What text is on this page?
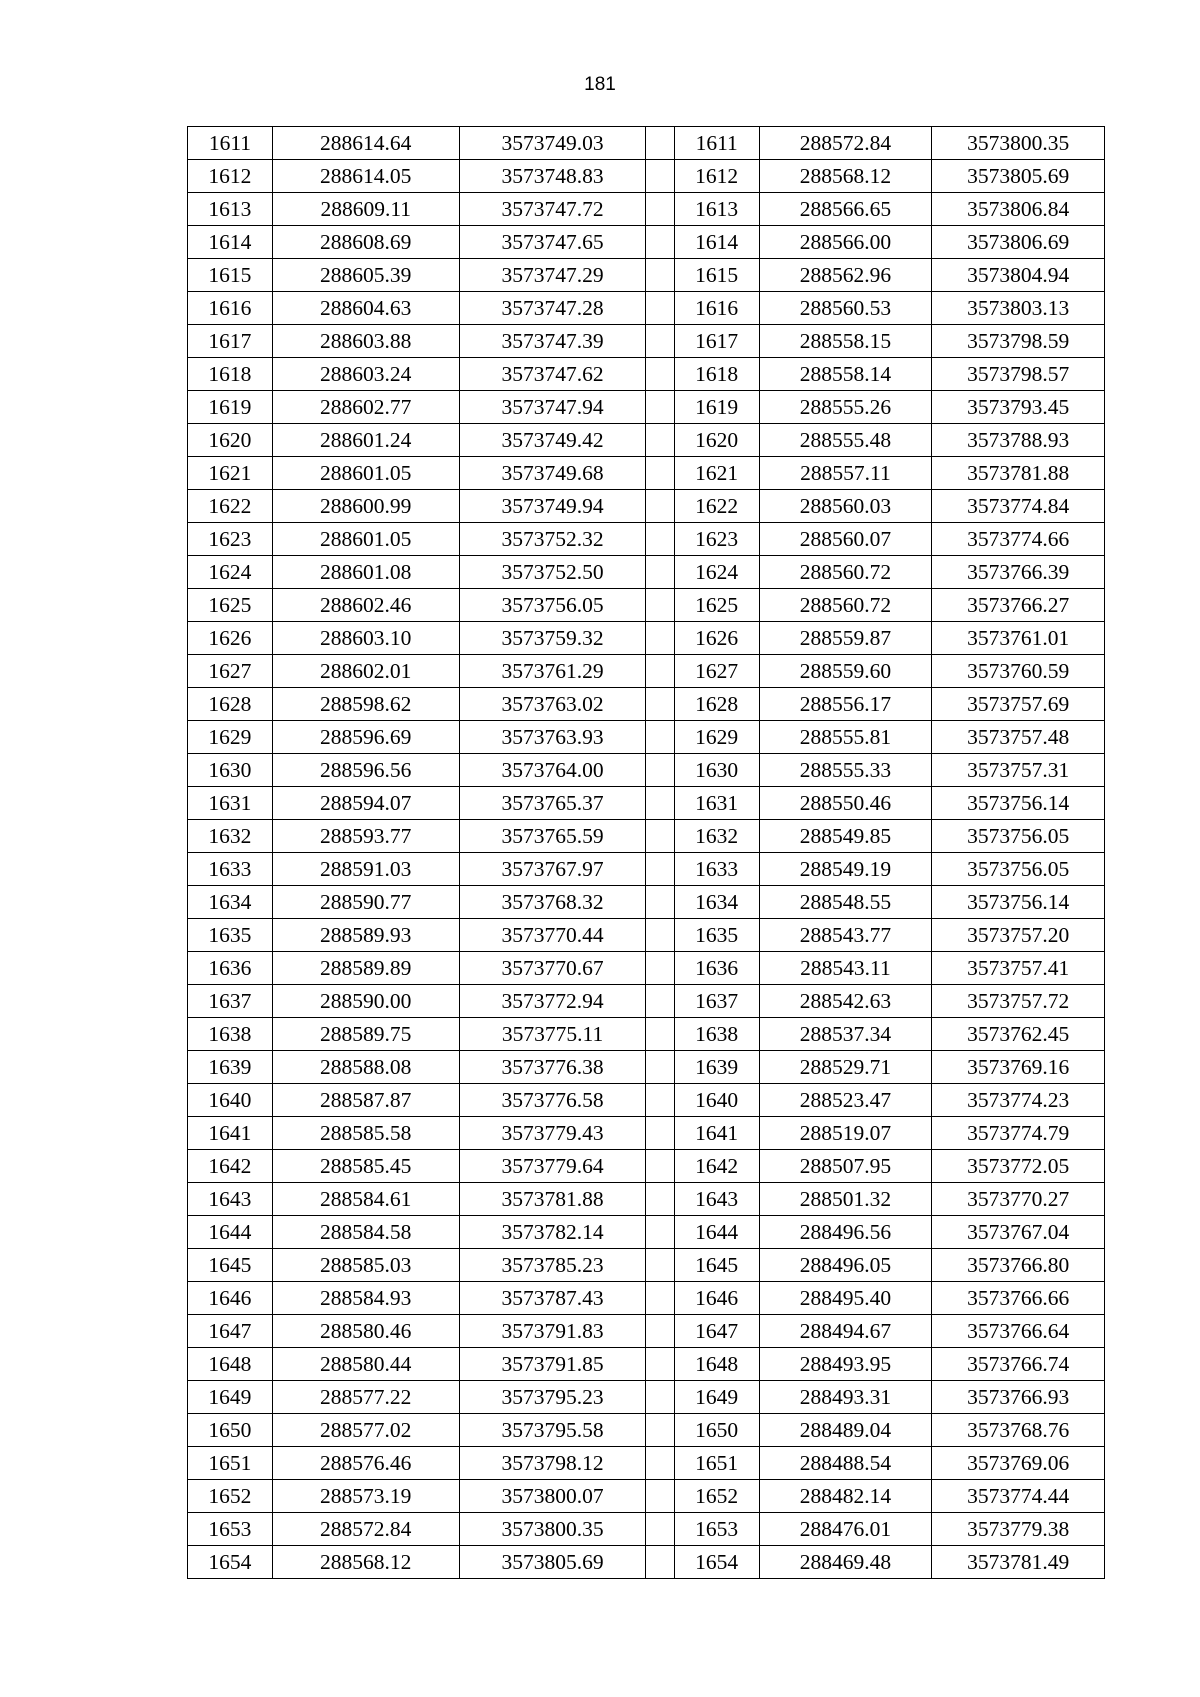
181
1611	288614.64	3573749.03		1611	288572.84	3573800.35
1612	288614.05	3573748.83		1612	288568.12	3573805.69
1613	288609.11	3573747.72		1613	288566.65	3573806.84
1614	288608.69	3573747.65		1614	288566.00	3573806.69
1615	288605.39	3573747.29		1615	288562.96	3573804.94
1616	288604.63	3573747.28		1616	288560.53	3573803.13
1617	288603.88	3573747.39		1617	288558.15	3573798.59
1618	288603.24	3573747.62		1618	288558.14	3573798.57
1619	288602.77	3573747.94		1619	288555.26	3573793.45
1620	288601.24	3573749.42		1620	288555.48	3573788.93
1621	288601.05	3573749.68		1621	288557.11	3573781.88
1622	288600.99	3573749.94		1622	288560.03	3573774.84
1623	288601.05	3573752.32		1623	288560.07	3573774.66
1624	288601.08	3573752.50		1624	288560.72	3573766.39
1625	288602.46	3573756.05		1625	288560.72	3573766.27
1626	288603.10	3573759.32		1626	288559.87	3573761.01
1627	288602.01	3573761.29		1627	288559.60	3573760.59
1628	288598.62	3573763.02		1628	288556.17	3573757.69
1629	288596.69	3573763.93		1629	288555.81	3573757.48
1630	288596.56	3573764.00		1630	288555.33	3573757.31
1631	288594.07	3573765.37		1631	288550.46	3573756.14
1632	288593.77	3573765.59		1632	288549.85	3573756.05
1633	288591.03	3573767.97		1633	288549.19	3573756.05
1634	288590.77	3573768.32		1634	288548.55	3573756.14
1635	288589.93	3573770.44		1635	288543.77	3573757.20
1636	288589.89	3573770.67		1636	288543.11	3573757.41
1637	288590.00	3573772.94		1637	288542.63	3573757.72
1638	288589.75	3573775.11		1638	288537.34	3573762.45
1639	288588.08	3573776.38		1639	288529.71	3573769.16
1640	288587.87	3573776.58		1640	288523.47	3573774.23
1641	288585.58	3573779.43		1641	288519.07	3573774.79
1642	288585.45	3573779.64		1642	288507.95	3573772.05
1643	288584.61	3573781.88		1643	288501.32	3573770.27
1644	288584.58	3573782.14		1644	288496.56	3573767.04
1645	288585.03	3573785.23		1645	288496.05	3573766.80
1646	288584.93	3573787.43		1646	288495.40	3573766.66
1647	288580.46	3573791.83		1647	288494.67	3573766.64
1648	288580.44	3573791.85		1648	288493.95	3573766.74
1649	288577.22	3573795.23		1649	288493.31	3573766.93
1650	288577.02	3573795.58		1650	288489.04	3573768.76
1651	288576.46	3573798.12		1651	288488.54	3573769.06
1652	288573.19	3573800.07		1652	288482.14	3573774.44
1653	288572.84	3573800.35		1653	288476.01	3573779.38
1654	288568.12	3573805.69		1654	288469.48	3573781.49
